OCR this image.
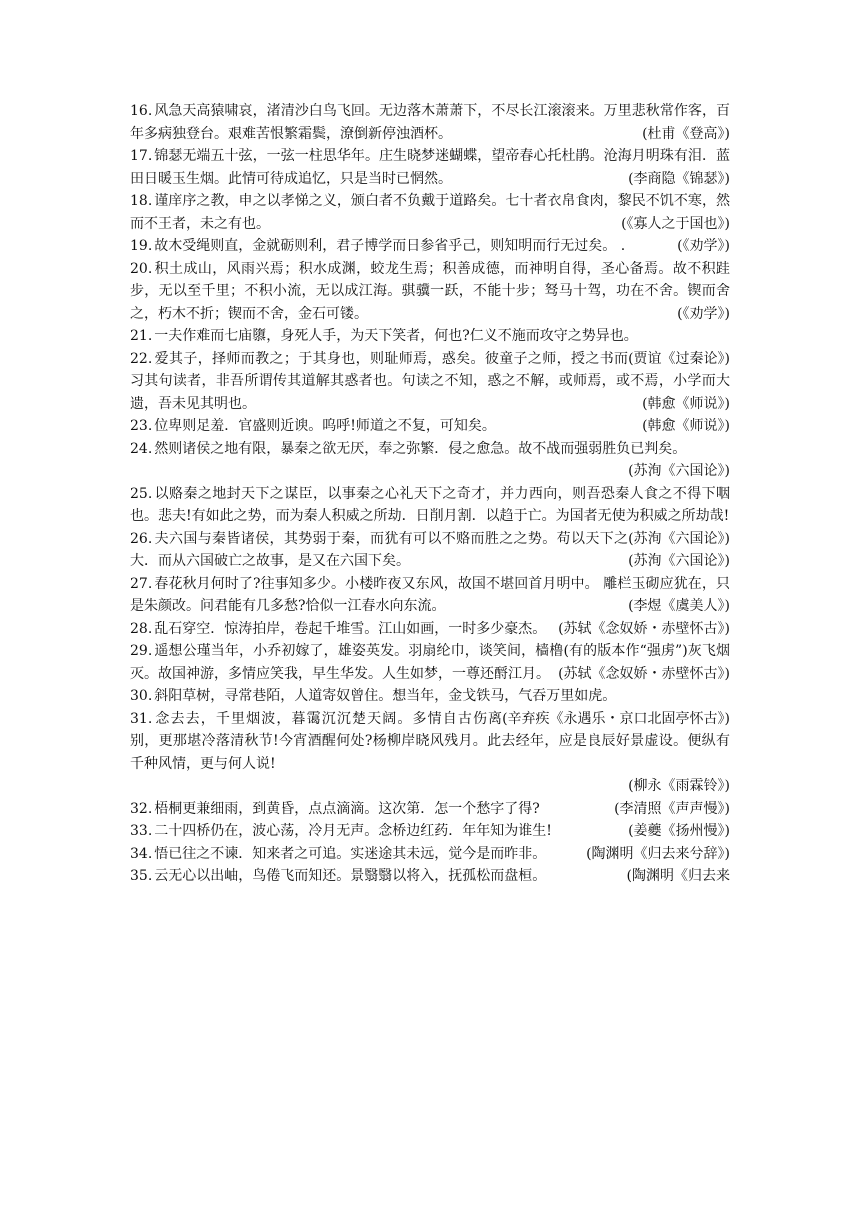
16. 风急天高猿啸哀，渚清沙白鸟飞回。无边落木萧萧下，不尽长江滚滚来。万里悲秋常作客，百年多病独登台。艰难苦恨繁霜鬓，潦倒新停浊酒杯。	(杜甫《登高》)

17. 锦瑟无端五十弦，一弦一柱思华年。庄生晓梦迷蝴蝶，望帝春心托杜鹃。沧海月明珠有泪．蓝田日暖玉生烟。此情可待成追忆，只是当时已惘然。	(李商隐《锦瑟》)

18. 谨庠序之教，申之以孝悌之义，颁白者不负戴于道路矣。七十者衣帛食肉，黎民不饥不寒，然而不王者，未之有也。	(《寡人之于国也》)

19. 故木受绳则直，金就砺则利，君子博学而日参省乎己，则知明而行无过矣。 .	(《劝学》)

20. 积土成山，风雨兴焉；积水成渊，蛟龙生焉；积善成德，而神明自得，圣心备焉。故不积跬步，无以至千里；不积小流，无以成江海。骐骥一跃，不能十步；驽马十驾，功在不舍。锲而舍之，朽木不折；锲而不舍，金石可镂。	(《劝学》)

21. 一夫作难而七庙隳，身死人手，为天下笑者，何也?仁义不施而攻守之势异也。
(贾谊《过秦论》)

22. 爱其子，择师而教之；于其身也，则耻师焉，惑矣。彼童子之师，授之书而习其句读者，非吾所谓传其道解其惑者也。句读之不知，惑之不解，或师焉，或不焉，小学而大遗，吾未见其明也。	(韩愈《师说》)

23. 位卑则足羞．官盛则近谀。呜呼!师道之不复，可知矣。	(韩愈《师说》)

24. 然则诸侯之地有限，暴秦之欲无厌，奉之弥繁．侵之愈急。故不战而强弱胜负已判矣。
(苏洵《六国论》)

25. 以赂秦之地封天下之谋臣，以事秦之心礼天下之奇才，并力西向，则吾恐秦人食之不得下咽也。悲夫!有如此之势，而为秦人积威之所劫．日削月割．以趋于亡。为国者无使为积威之所劫哉!
(苏洵《六国论》)

26. 夫六国与秦皆诸侯，其势弱于秦，而犹有可以不赂而胜之之势。苟以天下之大．而从六国破亡之故事，是又在六国下矣。	(苏洵《六国论》)

27. 春花秋月何时了?往事知多少。小楼昨夜又东风，故国不堪回首月明中。 雕栏玉砌应犹在，只是朱颜改。问君能有几多愁?恰似一江春水向东流。	(李煜《虞美人》)

28. 乱石穿空．惊涛拍岸，卷起千堆雪。江山如画，一时多少豪杰。 (苏轼《念奴娇・赤壁怀古》)

29. 遥想公瑾当年，小乔初嫁了，雄姿英发。羽扇纶巾，谈笑间，樯橹(有的版本作“强虏”)灰飞烟灭。故国神游，多情应笑我，早生华发。人生如梦，一尊还酹江月。 (苏轼《念奴娇・赤壁怀古》)

30. 斜阳草树，寻常巷陌，人道寄奴曾住。想当年，金戈铁马，气吞万里如虎。
(辛弃疾《永遇乐・京口北固亭怀古》)

31. 念去去，千里烟波，暮霭沉沉楚天阔。多情自古伤离别，更那堪冷落清秋节!今宵酒醒何处?杨柳岸晓风残月。此去经年，应是良辰好景虚设。便纵有千种风情，更与何人说!
(柳永《雨霖铃》)

32. 梧桐更兼细雨，到黄昏，点点滴滴。这次第．怎一个愁字了得?	(李清照《声声慢》)

33. 二十四桥仍在，波心荡，冷月无声。念桥边红药．年年知为谁生!	(姜夔《扬州慢》)

34. 悟已往之不谏．知来者之可追。实迷途其未远，觉今是而昨非。	(陶渊明《归去来兮辞》)

35. 云无心以出岫，鸟倦飞而知还。景翳翳以将入，抚孤松而盘桓。	(陶渊明《归去来
